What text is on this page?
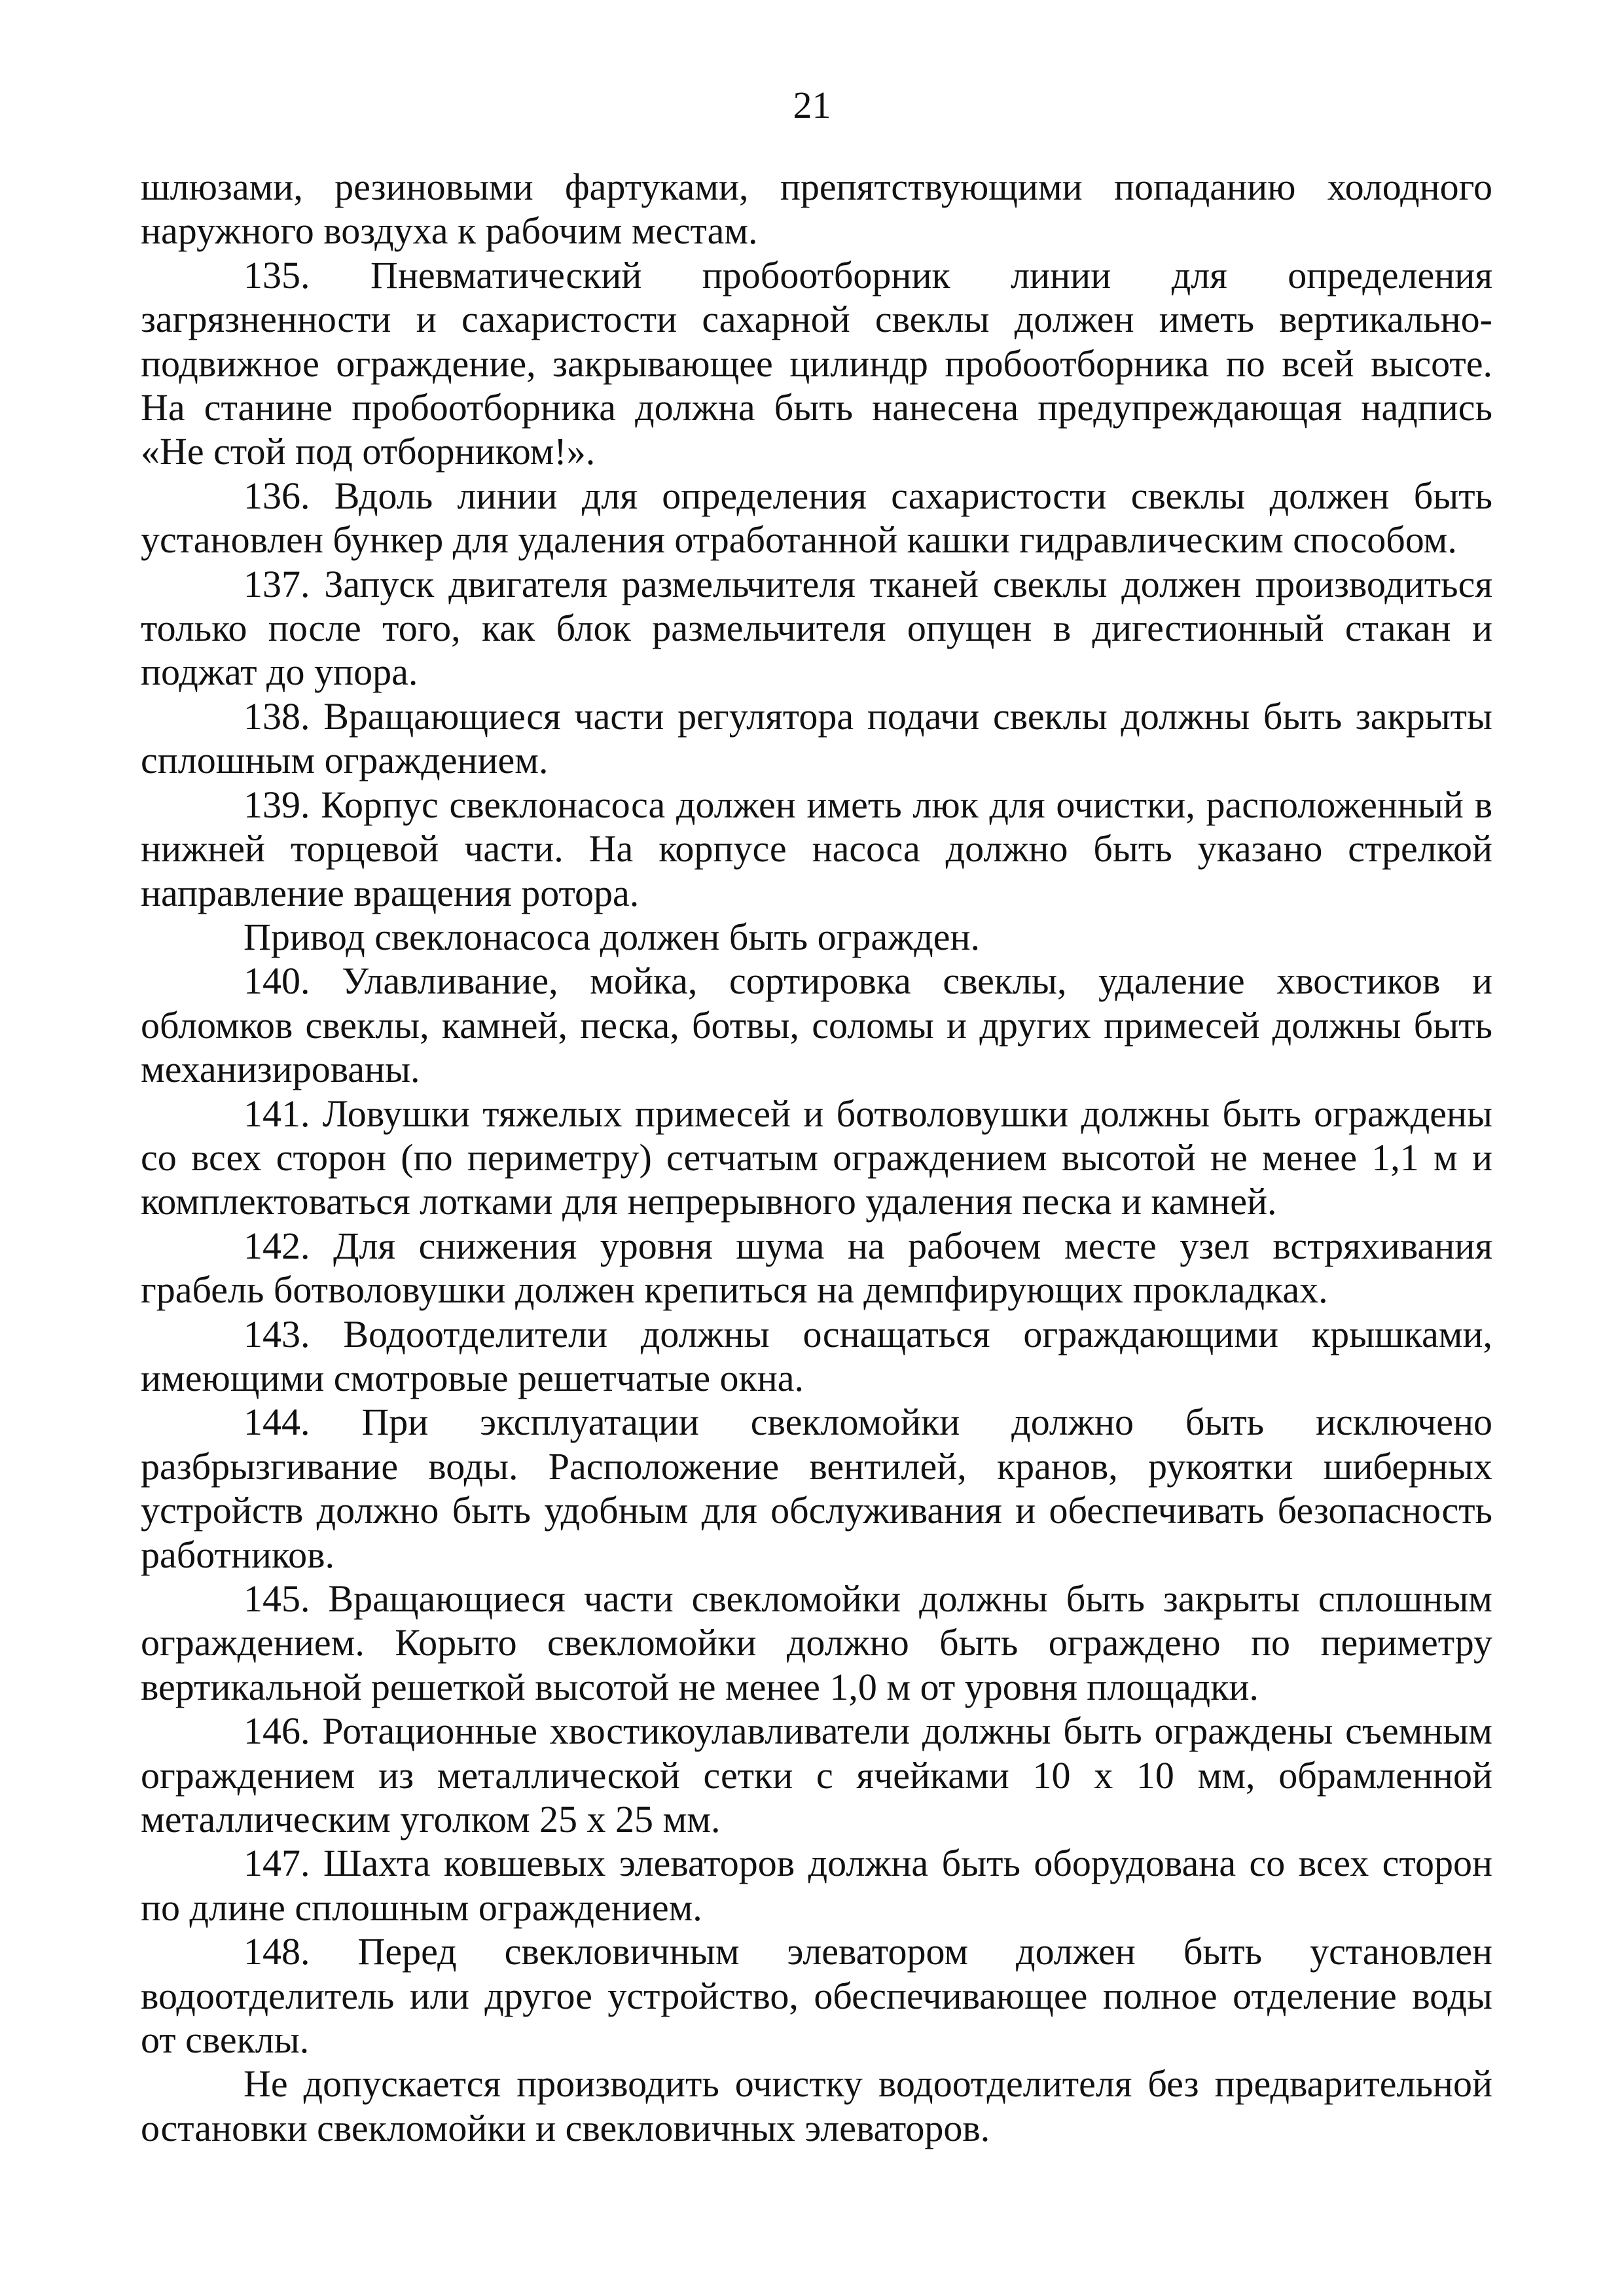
21

шлюзами, резиновыми фартуками, препятствующими попаданию холодного наружного воздуха к рабочим местам.

135. Пневматический пробоотборник линии для определения загрязненности и сахаристости сахарной свеклы должен иметь вертикально-подвижное ограждение, закрывающее цилиндр пробоотборника по всей высоте. На станине пробоотборника должна быть нанесена предупреждающая надпись «Не стой под отборником!».

136. Вдоль линии для определения сахаристости свеклы должен быть установлен бункер для удаления отработанной кашки гидравлическим способом.

137. Запуск двигателя размельчителя тканей свеклы должен производиться только после того, как блок размельчителя опущен в дигестионный стакан и поджат до упора.

138. Вращающиеся части регулятора подачи свеклы должны быть закрыты сплошным ограждением.

139. Корпус свеклонасоса должен иметь люк для очистки, расположенный в нижней торцевой части. На корпусе насоса должно быть указано стрелкой направление вращения ротора.

Привод свеклонасоса должен быть огражден.

140. Улавливание, мойка, сортировка свеклы, удаление хвостиков и обломков свеклы, камней, песка, ботвы, соломы и других примесей должны быть механизированы.

141. Ловушки тяжелых примесей и ботволовушки должны быть ограждены со всех сторон (по периметру) сетчатым ограждением высотой не менее 1,1 м и комплектоваться лотками для непрерывного удаления песка и камней.

142. Для снижения уровня шума на рабочем месте узел встряхивания грабель ботволовушки должен крепиться на демпфирующих прокладках.

143. Водоотделители должны оснащаться ограждающими крышками, имеющими смотровые решетчатые окна.

144. При эксплуатации свекломойки должно быть исключено разбрызгивание воды. Расположение вентилей, кранов, рукоятки шиберных устройств должно быть удобным для обслуживания и обеспечивать безопасность работников.

145. Вращающиеся части свекломойки должны быть закрыты сплошным ограждением. Корыто свекломойки должно быть ограждено по периметру вертикальной решеткой высотой не менее 1,0 м от уровня площадки.

146. Ротационные хвостикоулавливатели должны быть ограждены съемным ограждением из металлической сетки с ячейками 10 х 10 мм, обрамленной металлическим уголком 25 х 25 мм.

147. Шахта ковшевых элеваторов должна быть оборудована со всех сторон по длине сплошным ограждением.

148. Перед свекловичным элеватором должен быть установлен водоотделитель или другое устройство, обеспечивающее полное отделение воды от свеклы.

Не допускается производить очистку водоотделителя без предварительной остановки свекломойки и свекловичных элеваторов.
